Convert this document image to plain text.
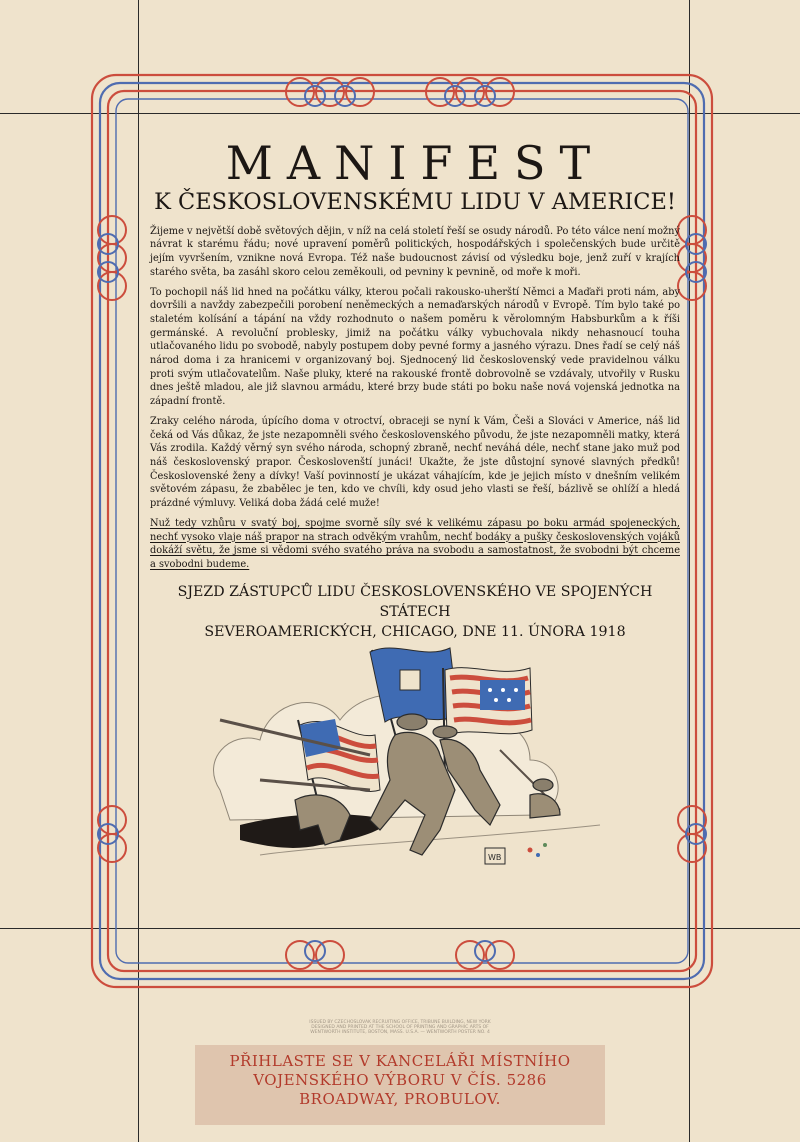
MANIFEST
K ČESKOSLOVENSKÉMU LIDU V AMERICE!

Žijeme v největší době světových dějin, v níž na celá století řeší se osudy národů. Po této válce není možný návrat k starému řádu; nové upravení poměrů politických, hospodářských i společenských bude určitě jejím vyvršením, vznikne nová Evropa. Též naše budoucnost závisí od výsledku boje, jenž zuří v krajích starého světa, ba zasáhl skoro celou zeměkouli, od pevniny k pevnině, od moře k moři.

To pochopil náš lid hned na počátku války, kterou počali rakousko-uherští Němci a Maďaři proti nám, aby dovršili a navždy zabezpečili porobení neněmeckých a nemaďarských národů v Evropě. Tím bylo také po staletém kolísání a tápání na vždy rozhodnuto o našem poměru k věrolomným Habsburkům a k říši germánské. A revoluční probleskу, jimiž na počátku války vybuchovala nikdy nehasnoucí touha utlačovaného lidu po svobodě, nabyly postupem doby pevné formy a jasného výrazu. Dnes řadí se celý náš národ doma i za hranicemi v organizovaný boj. Sjednocený lid československý vede pravidelnou válku proti svým utlačovatelům. Naše pluky, které na rakouské frontě dobrovolně se vzdávaly, utvořily v Rusku dnes ještě mladou, ale již slavnou armádu, které brzy bude státi po boku naše nová vojenská jednotka na západní frontě.

Zraky celého národa, úpícího doma v otroctví, obraceji se nyní k Vám, Češi a Slováci v Americe, náš lid čeká od Vás důkaz, že jste nezapomněli svého československého původu, že jste nezapomněli matky, která Vás zrodila. Každý věrný syn svého národa, schopný zbraně, nechť neváhá déle, nechť stane jako muž pod náš československý prapor. Českoslovenští junáci! Ukažte, že jste důstojní synové slavných předků! Československé ženy a dívky! Vaší povinností je ukázat váhajícím, kde je jejich místo v dnešním velikém světovém zápasu, že zbabělec je ten, kdo ve chvíli, kdy osud jeho vlasti se řeší, bázlivě se ohlíží a hledá prázdné výmluvy. Veliká doba žádá celé muže!

Nuž tedy vzhůru v svatý boj, spojme svorně síly své k velikému zápasu po boku armád spojeneckých, nechť vysoko vlaje náš prapor na strach odvěkým vrahům, nechť bodáky a pušky československých vojáků dokáží světu, že jsme si vědomi svého svatého práva na svobodu a samostatnost, že svobodni být chceme a svobodni budeme.

SJEZD ZÁSTUPCŮ LIDU ČESKOSLOVENSKÉHO VE SPOJENÝCH STÁTECH
SEVEROAMERICKÝCH, CHICAGO, DNE 11. ÚNORA 1918
WB
ISSUED BY CZECHOSLOVAK RECRUITING OFFICE, TRIBUNE BUILDING, NEW YORK
DESIGNED AND PRINTED AT THE SCHOOL OF PRINTING AND GRAPHIC ARTS OF
WENTWORTH INSTITUTE, BOSTON, MASS. U.S.A. — WENTWORTH POSTER NO. 4
PŘIHLASTE SE V KANCELÁŘI MÍSTNÍHO
VOJENSKÉHO VÝBORU V ČÍS. 5286
BROADWAY, PROBULOV.
